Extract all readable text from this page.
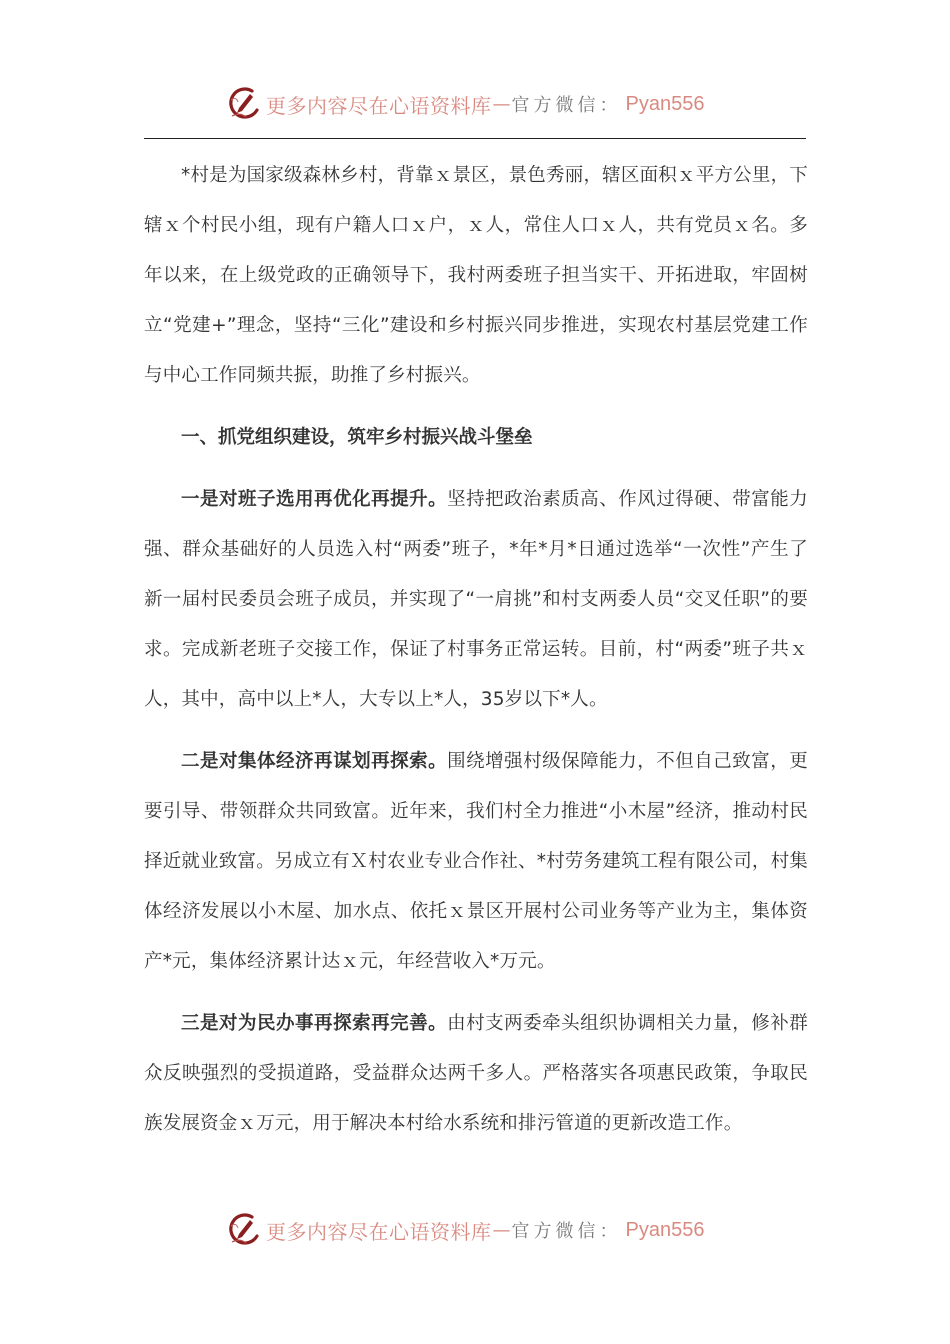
更多内容尽在心语资料库 — 官方微信： Pyan556

*村是为国家级森林乡村，背靠ｘ景区，景色秀丽，辖区面积ｘ平方公里，下辖ｘ个村民小组，现有户籍人口ｘ户，ｘ人，常住人口ｘ人，共有党员ｘ名。多年以来，在上级党政的正确领导下，我村两委班子担当实干、开拓进取，牢固树立“党建+”理念，坚持“三化”建设和乡村振兴同步推进，实现农村基层党建工作与中心工作同频共振，助推了乡村振兴。

一、抓党组织建设，筑牢乡村振兴战斗堡垒

一是对班子选用再优化再提升。坚持把政治素质高、作风过得硬、带富能力强、群众基础好的人员选入村“两委”班子，*年*月*日通过选举“一次性”产生了新一届村民委员会班子成员，并实现了“一肩挑”和村支两委人员“交叉任职”的要求。完成新老班子交接工作，保证了村事务正常运转。目前，村“两委”班子共ｘ人，其中，高中以上*人，大专以上*人，35岁以下*人。

二是对集体经济再谋划再探索。围绕增强村级保障能力，不但自己致富，更要引导、带领群众共同致富。近年来，我们村全力推进“小木屋”经济，推动村民择近就业致富。另成立有Ｘ村农业专业合作社、*村劳务建筑工程有限公司，村集体经济发展以小木屋、加水点、依托ｘ景区开展村公司业务等产业为主，集体资产*元，集体经济累计达ｘ元，年经营收入*万元。

三是对为民办事再探索再完善。由村支两委牵头组织协调相关力量，修补群众反映强烈的受损道路，受益群众达两千多人。严格落实各项惠民政策，争取民族发展资金ｘ万元，用于解决本村给水系统和排污管道的更新改造工作。

更多内容尽在心语资料库 — 官方微信： Pyan556
